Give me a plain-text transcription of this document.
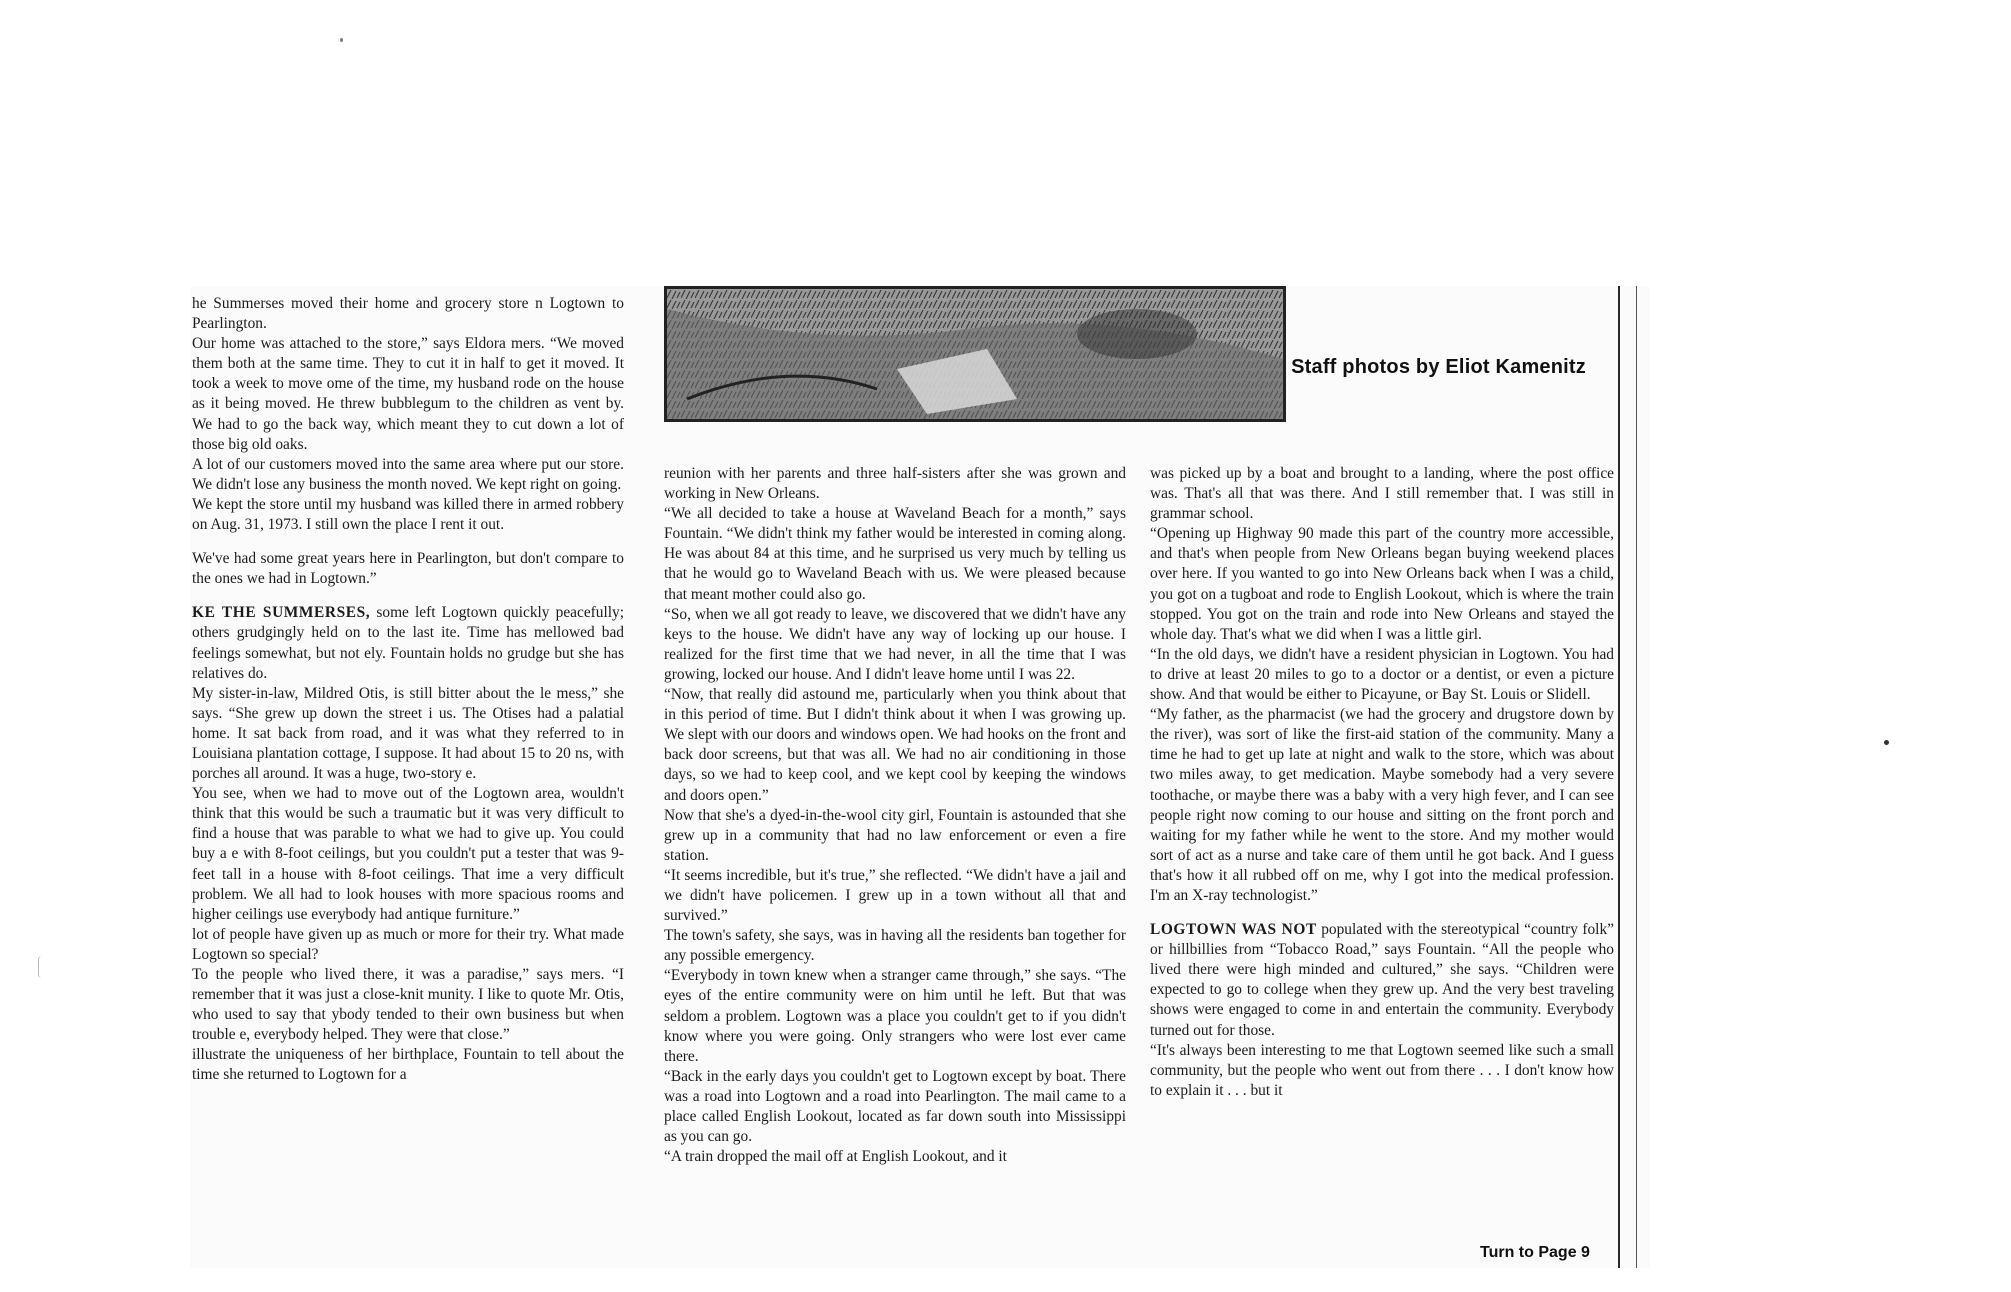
Staff photos by Eliot Kamenitz

he Summerses moved their home and grocery store n Logtown to Pearlington.

Our home was attached to the store,” says Eldora mers. “We moved them both at the same time. They to cut it in half to get it moved. It took a week to move ome of the time, my husband rode on the house as it being moved. He threw bubblegum to the children as vent by. We had to go the back way, which meant they to cut down a lot of those big old oaks.

A lot of our customers moved into the same area where put our store. We didn't lose any business the month noved. We kept right on going.

We kept the store until my husband was killed there in armed robbery on Aug. 31, 1973. I still own the place I rent it out.

We've had some great years here in Pearlington, but don't compare to the ones we had in Logtown.”

KE THE SUMMERSES, some left Logtown quickly peacefully; others grudgingly held on to the last ite. Time has mellowed bad feelings somewhat, but not ely. Fountain holds no grudge but she has relatives do.

My sister-in-law, Mildred Otis, is still bitter about the le mess,” she says. “She grew up down the street i us. The Otises had a palatial home. It sat back from road, and it was what they referred to in Louisiana plantation cottage, I suppose. It had about 15 to 20 ns, with porches all around. It was a huge, two-story e.

You see, when we had to move out of the Logtown area, wouldn't think that this would be such a traumatic but it was very difficult to find a house that was parable to what we had to give up. You could buy a e with 8-foot ceilings, but you couldn't put a tester that was 9-feet tall in a house with 8-foot ceilings. That ime a very difficult problem. We all had to look houses with more spacious rooms and higher ceilings use everybody had antique furniture.”

lot of people have given up as much or more for their try. What made Logtown so special?

To the people who lived there, it was a paradise,” says mers. “I remember that it was just a close-knit munity. I like to quote Mr. Otis, who used to say that ybody tended to their own business but when trouble e, everybody helped. They were that close.”

illustrate the uniqueness of her birthplace, Fountain to tell about the time she returned to Logtown for a

reunion with her parents and three half-sisters after she was grown and working in New Orleans.

“We all decided to take a house at Waveland Beach for a month,” says Fountain. “We didn't think my father would be interested in coming along. He was about 84 at this time, and he surprised us very much by telling us that he would go to Waveland Beach with us. We were pleased because that meant mother could also go.

“So, when we all got ready to leave, we discovered that we didn't have any keys to the house. We didn't have any way of locking up our house. I realized for the first time that we had never, in all the time that I was growing, locked our house. And I didn't leave home until I was 22.

“Now, that really did astound me, particularly when you think about that in this period of time. But I didn't think about it when I was growing up. We slept with our doors and windows open. We had hooks on the front and back door screens, but that was all. We had no air conditioning in those days, so we had to keep cool, and we kept cool by keeping the windows and doors open.”

Now that she's a dyed-in-the-wool city girl, Fountain is astounded that she grew up in a community that had no law enforcement or even a fire station.

“It seems incredible, but it's true,” she reflected. “We didn't have a jail and we didn't have policemen. I grew up in a town without all that and survived.”

The town's safety, she says, was in having all the residents ban together for any possible emergency.

“Everybody in town knew when a stranger came through,” she says. “The eyes of the entire community were on him until he left. But that was seldom a problem. Logtown was a place you couldn't get to if you didn't know where you were going. Only strangers who were lost ever came there.

“Back in the early days you couldn't get to Logtown except by boat. There was a road into Logtown and a road into Pearlington. The mail came to a place called English Lookout, located as far down south into Mississippi as you can go.

“A train dropped the mail off at English Lookout, and it

was picked up by a boat and brought to a landing, where the post office was. That's all that was there. And I still remember that. I was still in grammar school.

“Opening up Highway 90 made this part of the country more accessible, and that's when people from New Orleans began buying weekend places over here. If you wanted to go into New Orleans back when I was a child, you got on a tugboat and rode to English Lookout, which is where the train stopped. You got on the train and rode into New Orleans and stayed the whole day. That's what we did when I was a little girl.

“In the old days, we didn't have a resident physician in Logtown. You had to drive at least 20 miles to go to a doctor or a dentist, or even a picture show. And that would be either to Picayune, or Bay St. Louis or Slidell.

“My father, as the pharmacist (we had the grocery and drugstore down by the river), was sort of like the first-aid station of the community. Many a time he had to get up late at night and walk to the store, which was about two miles away, to get medication. Maybe somebody had a very severe toothache, or maybe there was a baby with a very high fever, and I can see people right now coming to our house and sitting on the front porch and waiting for my father while he went to the store. And my mother would sort of act as a nurse and take care of them until he got back. And I guess that's how it all rubbed off on me, why I got into the medical profession. I'm an X-ray technologist.”

LOGTOWN WAS NOT populated with the stereotypical “country folk” or hillbillies from “Tobacco Road,” says Fountain. “All the people who lived there were high minded and cultured,” she says. “Children were expected to go to college when they grew up. And the very best traveling shows were engaged to come in and entertain the community. Everybody turned out for those.

“It's always been interesting to me that Logtown seemed like such a small community, but the people who went out from there . . . I don't know how to explain it . . . but it

Turn to Page 9
